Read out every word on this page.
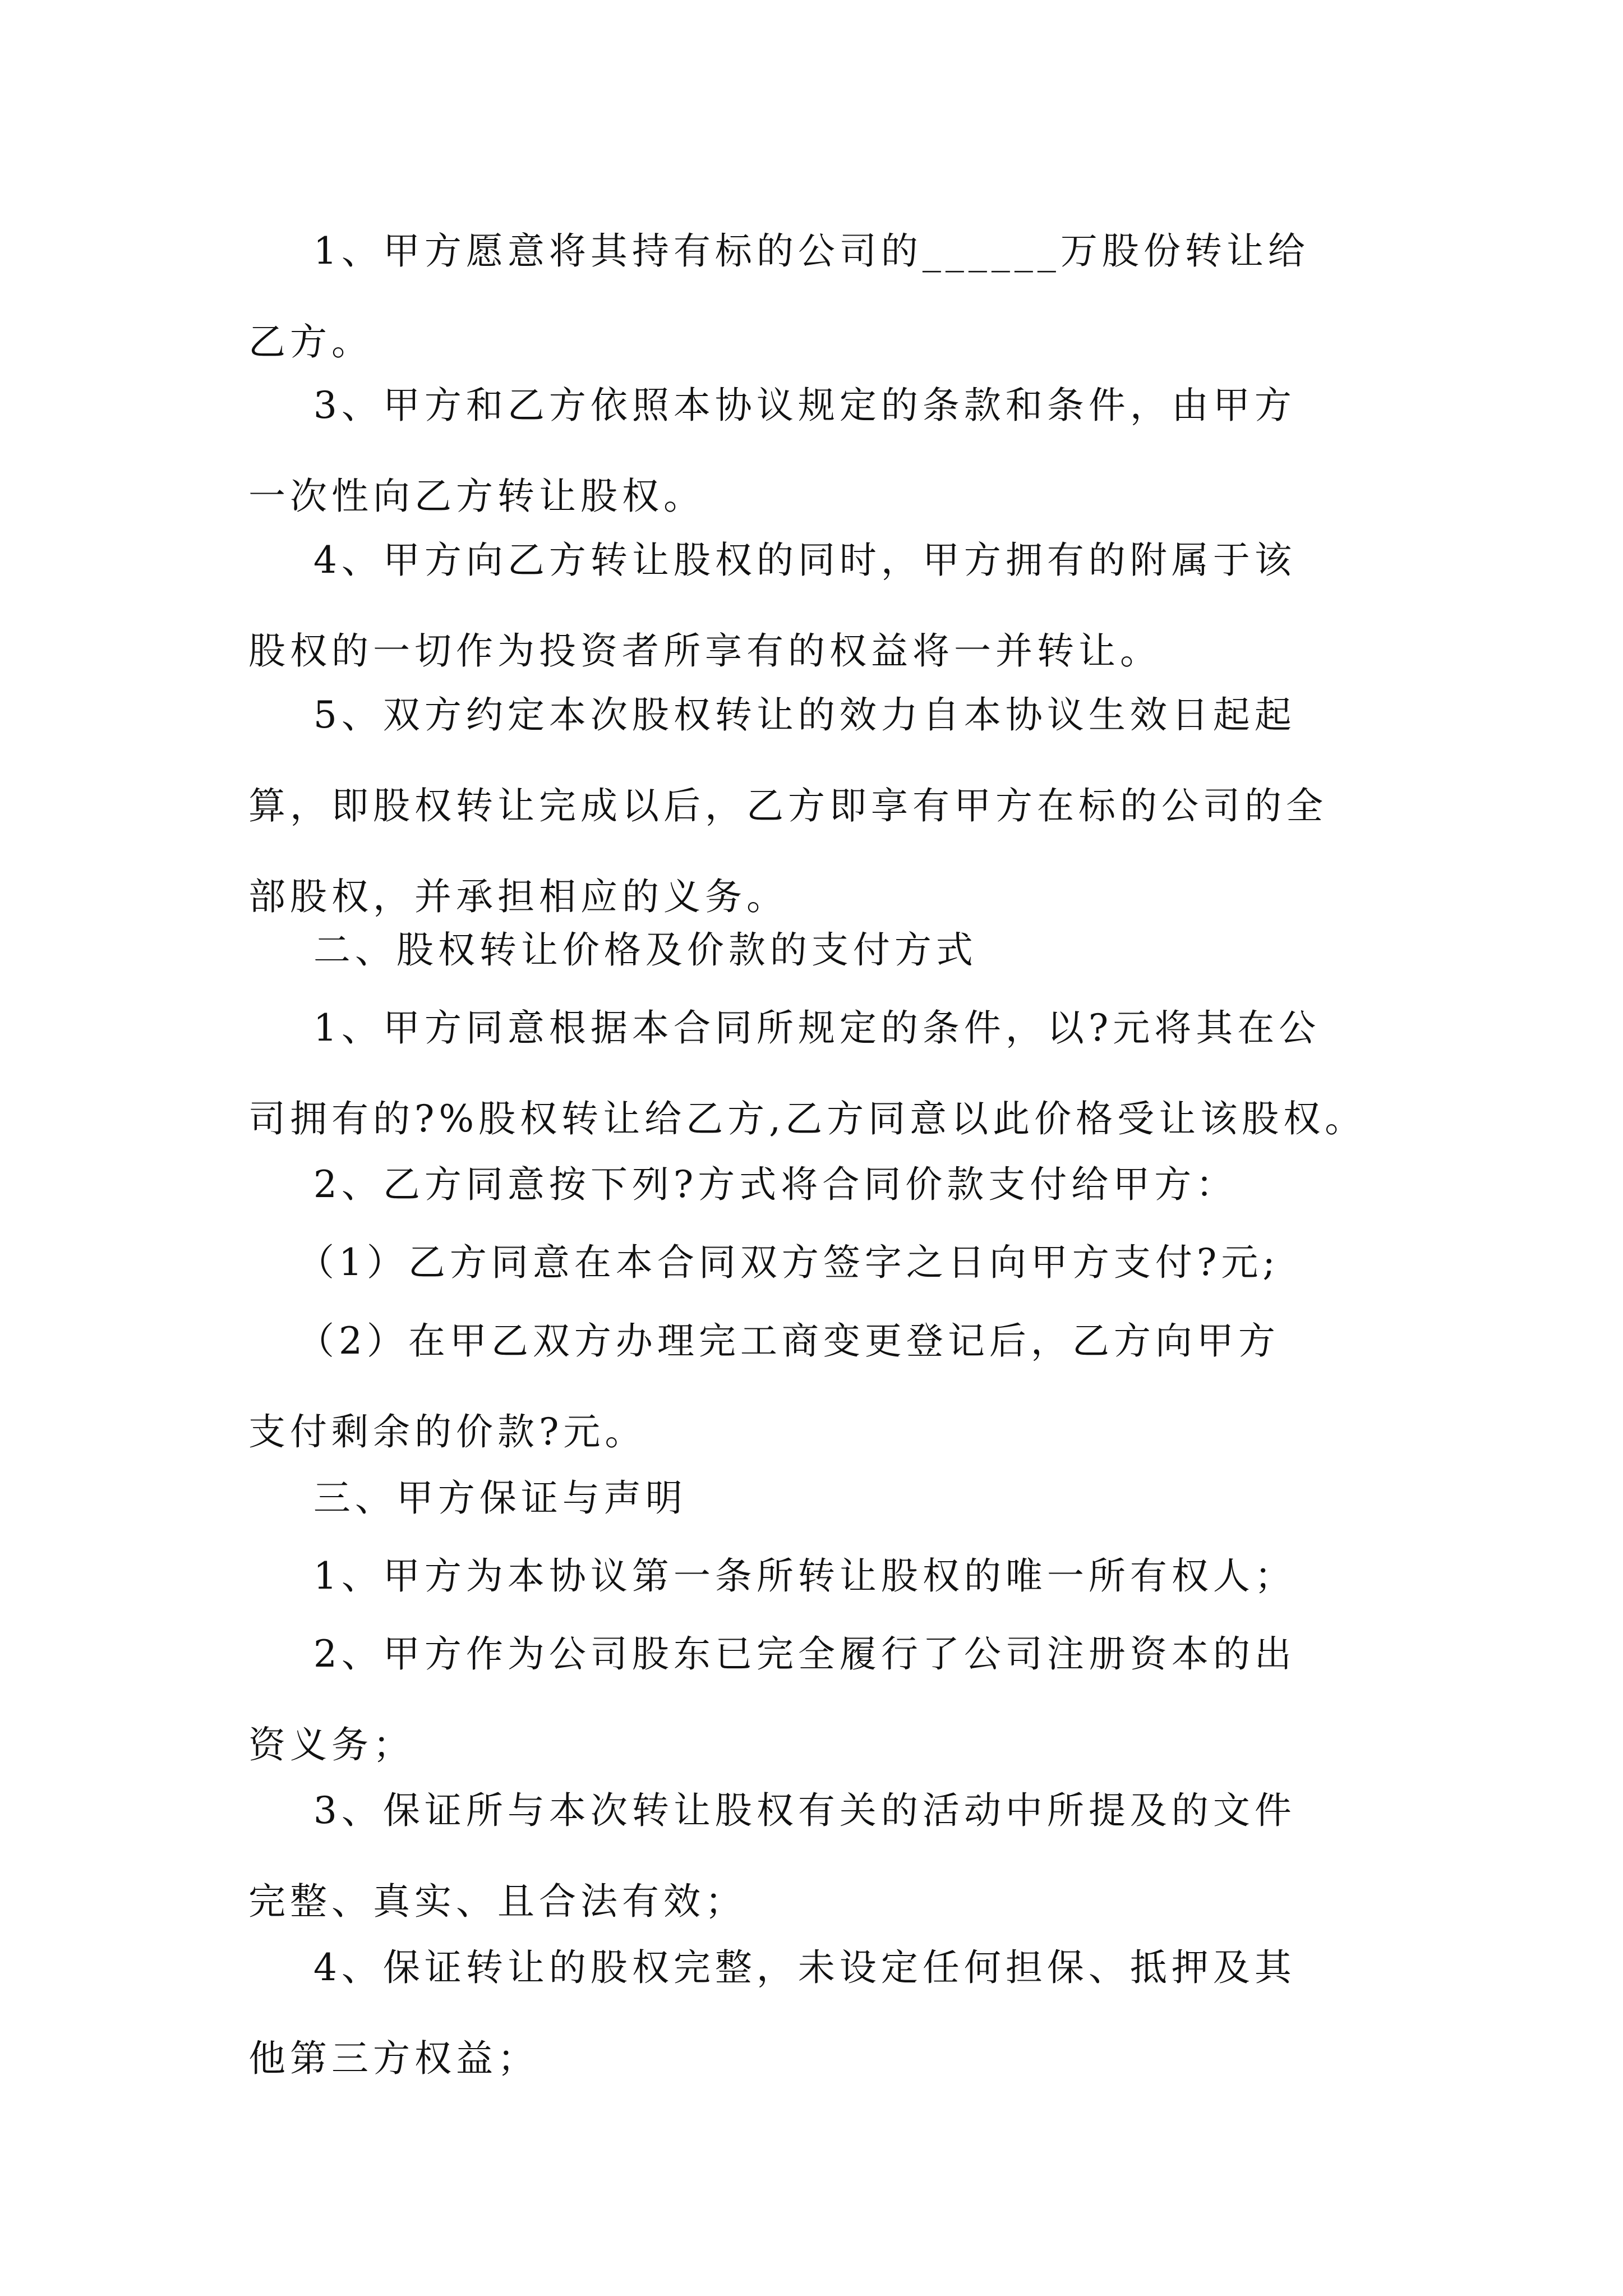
1、甲方愿意将其持有标的公司的______万股份转让给
乙方。

3、甲方和乙方依照本协议规定的条款和条件，由甲方
一次性向乙方转让股权。

4、甲方向乙方转让股权的同时，甲方拥有的附属于该
股权的一切作为投资者所享有的权益将一并转让。

5、双方约定本次股权转让的效力自本协议生效日起起
算，即股权转让完成以后，乙方即享有甲方在标的公司的全
部股权，并承担相应的义务。

二、股权转让价格及价款的支付方式

1、甲方同意根据本合同所规定的条件，以?元将其在公
司拥有的?%股权转让给乙方,乙方同意以此价格受让该股权。

2、乙方同意按下列?方式将合同价款支付给甲方：

（1）乙方同意在本合同双方签字之日向甲方支付?元;

（2）在甲乙双方办理完工商变更登记后，乙方向甲方
支付剩余的价款?元。

三、甲方保证与声明

1、甲方为本协议第一条所转让股权的唯一所有权人；

2、甲方作为公司股东已完全履行了公司注册资本的出
资义务；

3、保证所与本次转让股权有关的活动中所提及的文件
完整、真实、且合法有效；

4、保证转让的股权完整，未设定任何担保、抵押及其
他第三方权益；
